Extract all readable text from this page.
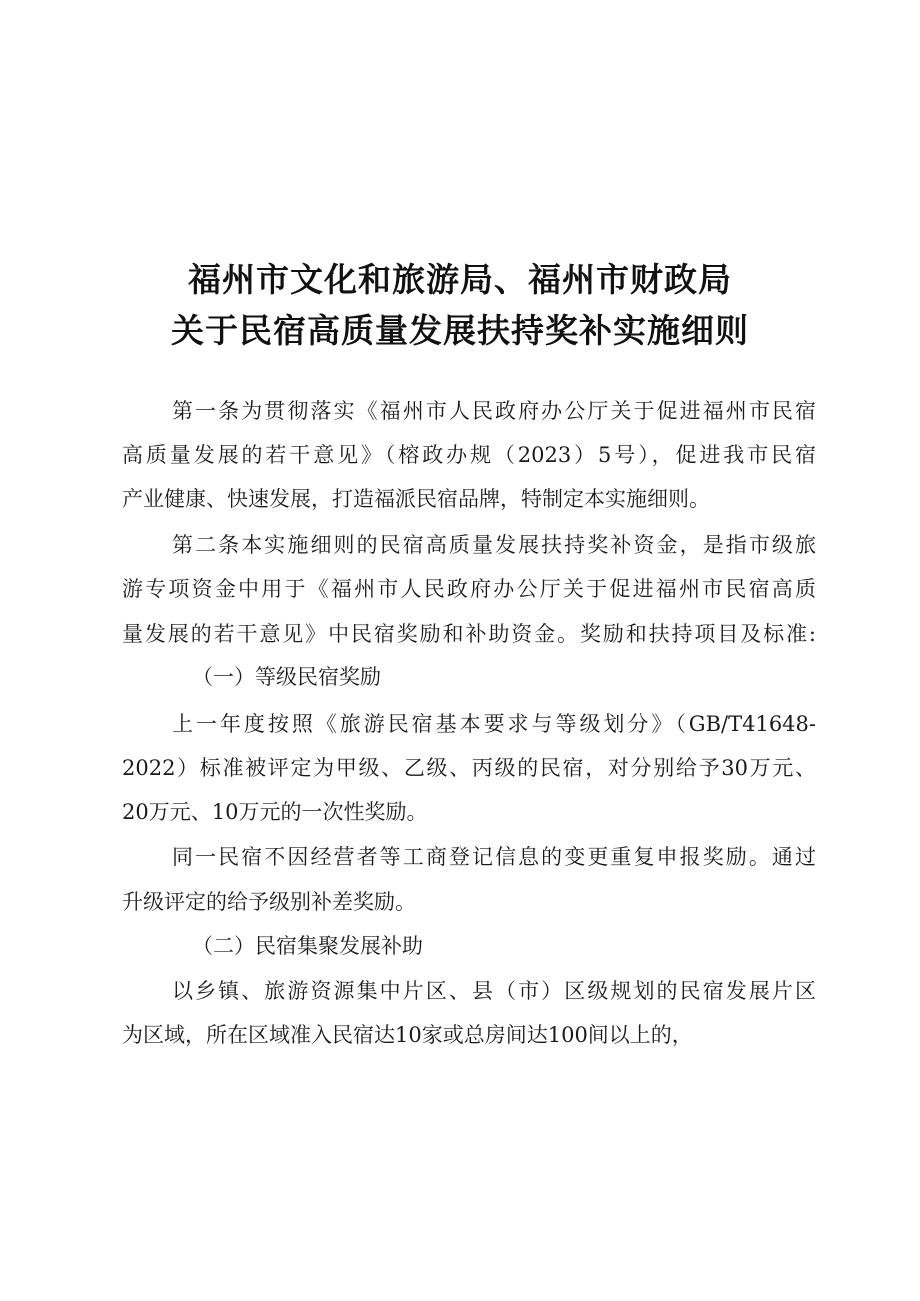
福州市文化和旅游局、福州市财政局
关于民宿高质量发展扶持奖补实施细则
第一条为贯彻落实《福州市人民政府办公厅关于促进福州市民宿
高质量发展的若干意见》（榕政办规（2023）5号），促进我市民宿
产业健康、快速发展，打造福派民宿品牌，特制定本实施细则。
第二条本实施细则的民宿高质量发展扶持奖补资金，是指市级旅
游专项资金中用于《福州市人民政府办公厅关于促进福州市民宿高质
量发展的若干意见》中民宿奖励和补助资金。奖励和扶持项目及标准:
（一）等级民宿奖励
上一年度按照《旅游民宿基本要求与等级划分》（GB/T41648-
2022）标准被评定为甲级、乙级、丙级的民宿，对分别给予30万元、
20万元、10万元的一次性奖励。
同一民宿不因经营者等工商登记信息的变更重复申报奖励。通过
升级评定的给予级别补差奖励。
（二）民宿集聚发展补助
以乡镇、旅游资源集中片区、县（市）区级规划的民宿发展片区
为区域，所在区域准入民宿达10家或总房间达100间以上的，
